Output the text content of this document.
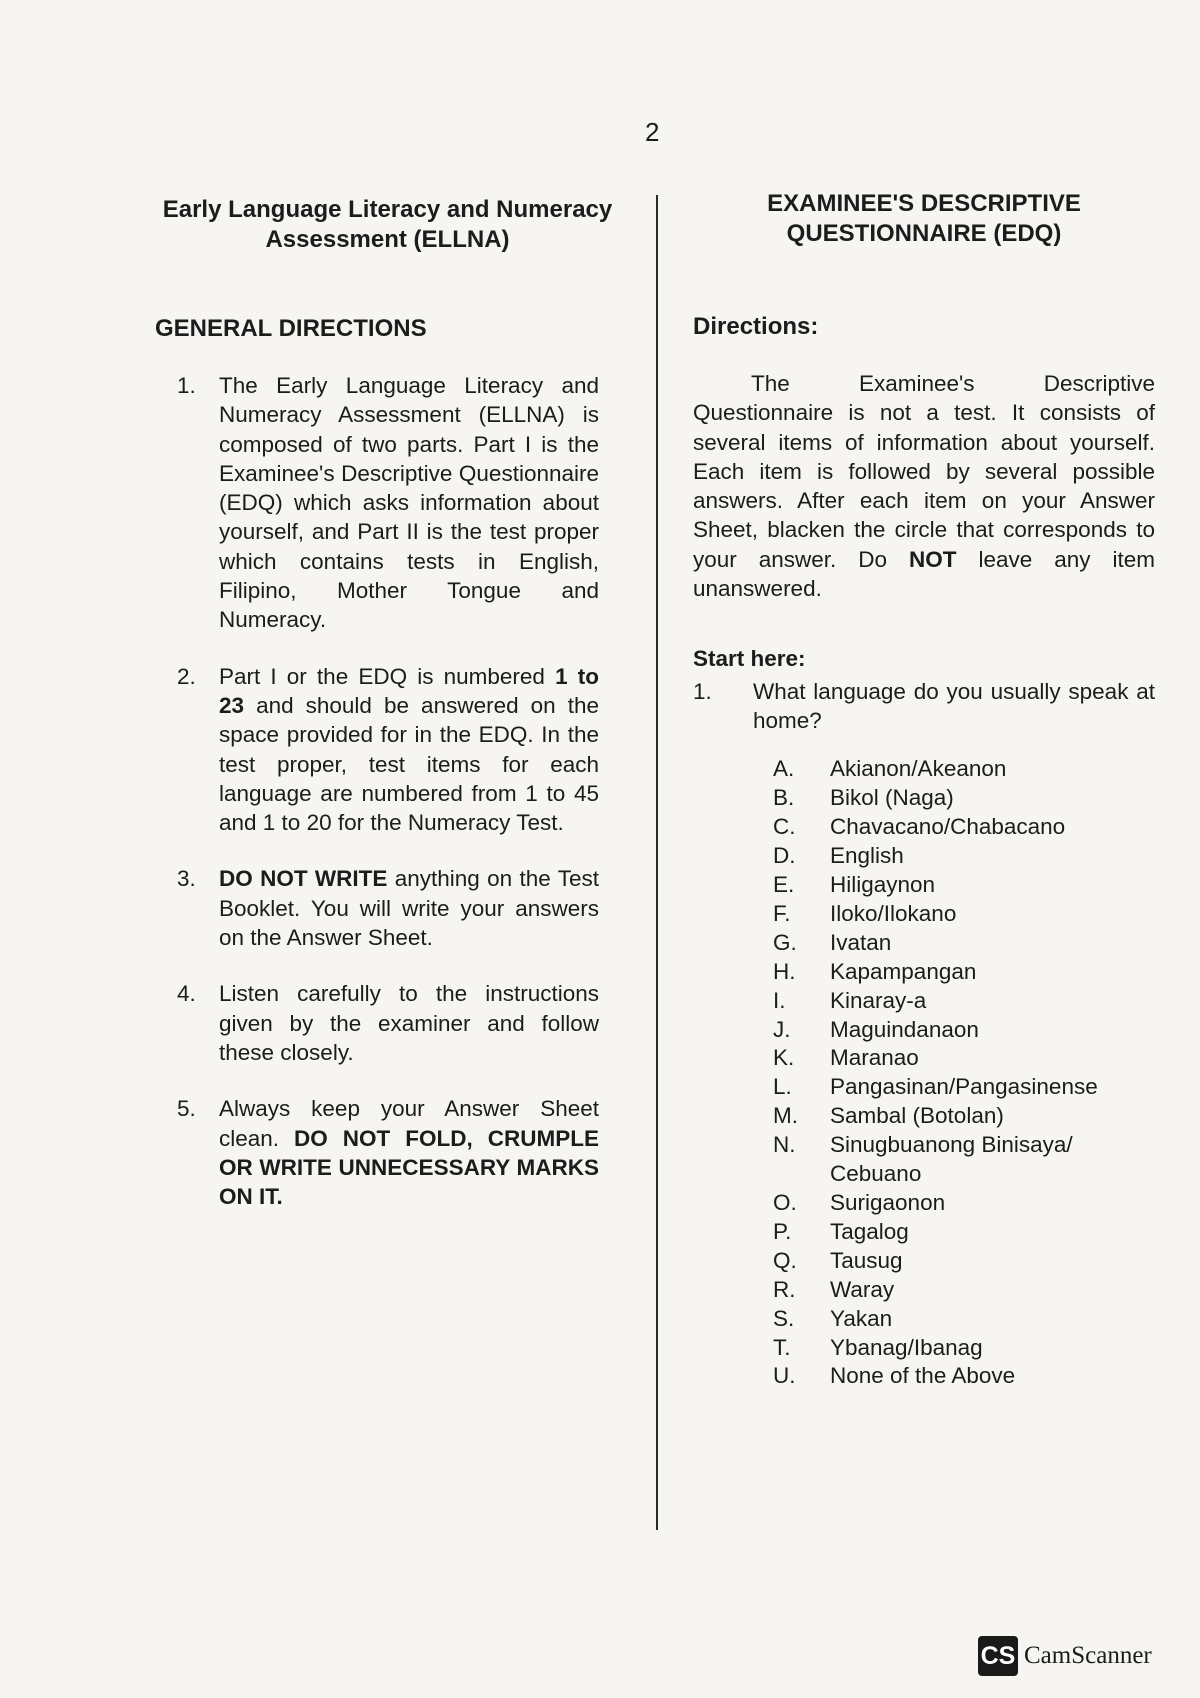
2
Early Language Literacy and Numeracy Assessment (ELLNA)
GENERAL DIRECTIONS
1.	The Early Language Literacy and Numeracy Assessment (ELLNA) is composed of two parts. Part I is the Examinee's Descriptive Questionnaire (EDQ) which asks information about yourself, and Part II is the test proper which contains tests in English, Filipino, Mother Tongue and Numeracy.
2.	Part I or the EDQ is numbered 1 to 23 and should be answered on the space provided for in the EDQ. In the test proper, test items for each language are numbered from 1 to 45 and 1 to 20 for the Numeracy Test.
3.	DO NOT WRITE anything on the Test Booklet. You will write your answers on the Answer Sheet.
4.	Listen carefully to the instructions given by the examiner and follow these closely.
5.	Always keep your Answer Sheet clean. DO NOT FOLD, CRUMPLE OR WRITE UNNECESSARY MARKS ON IT.
EXAMINEE'S DESCRIPTIVE QUESTIONNAIRE (EDQ)
Directions:

The Examinee's Descriptive Questionnaire is not a test. It consists of several items of information about yourself. Each item is followed by several possible answers. After each item on your Answer Sheet, blacken the circle that corresponds to your answer. Do NOT leave any item unanswered.

Start here:
1.	What language do you usually speak at home?
A.	Akianon/Akeanon
B.	Bikol (Naga)
C.	Chavacano/Chabacano
D.	English
E.	Hiligaynon
F.	Iloko/Ilokano
G.	Ivatan
H.	Kapampangan
I.	Kinaray-a
J.	Maguindanaon
K.	Maranao
L.	Pangasinan/Pangasinense
M.	Sambal (Botolan)
N.	Sinugbuanong Binisaya/ Cebuano
O.	Surigaonon
P.	Tagalog
Q.	Tausug
R.	Waray
S.	Yakan
T.	Ybanag/Ibanag
U.	None of the Above
CS CamScanner
